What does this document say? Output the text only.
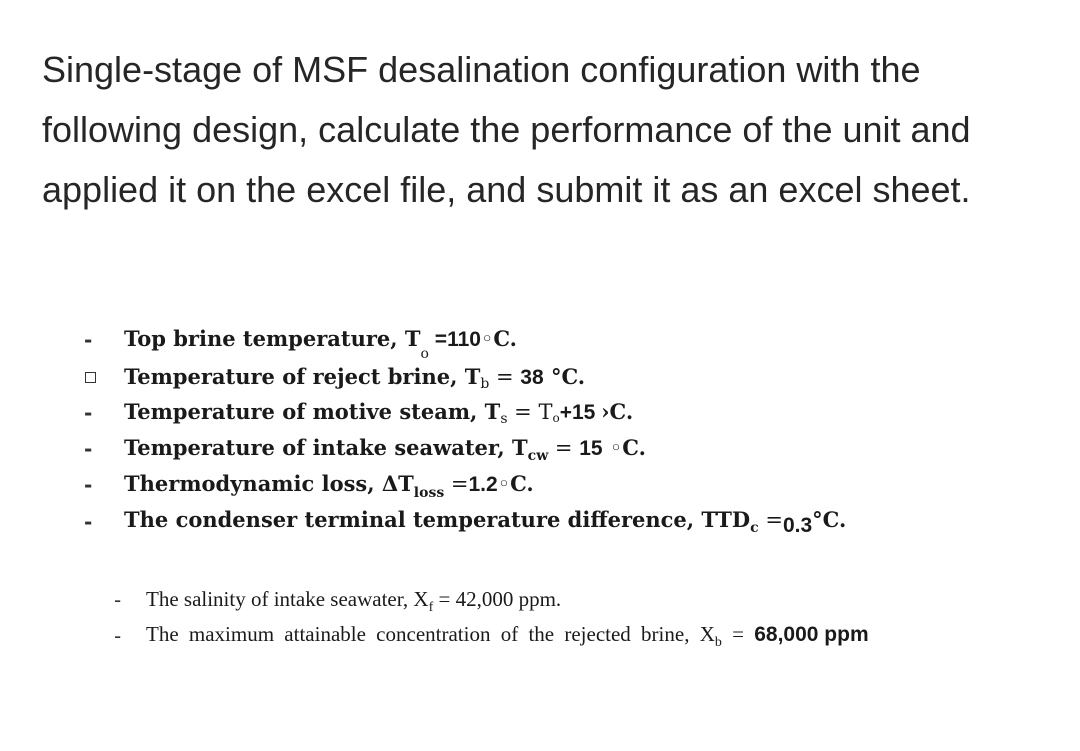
Single-stage of MSF desalination configuration with the following design, calculate the performance of the unit and applied it on the excel file, and submit it as an excel sheet.

- Top brine temperature, T
o
=110 ◦C.
Temperature of reject brine, T b = 38 °C.
- Temperature of motive steam, T s = T o +15 ›C.
- Temperature of intake seawater, T cw = 15 ◦C.
- Thermodynamic loss, ΔT loss = 1.2 ◦C.
- The condenser terminal temperature difference, TTD c = 0.3 °C.
- The salinity of intake seawater, X f = 42,000 ppm.
- The maximum attainable concentration of the rejected brine, X b = 68,000 ppm
